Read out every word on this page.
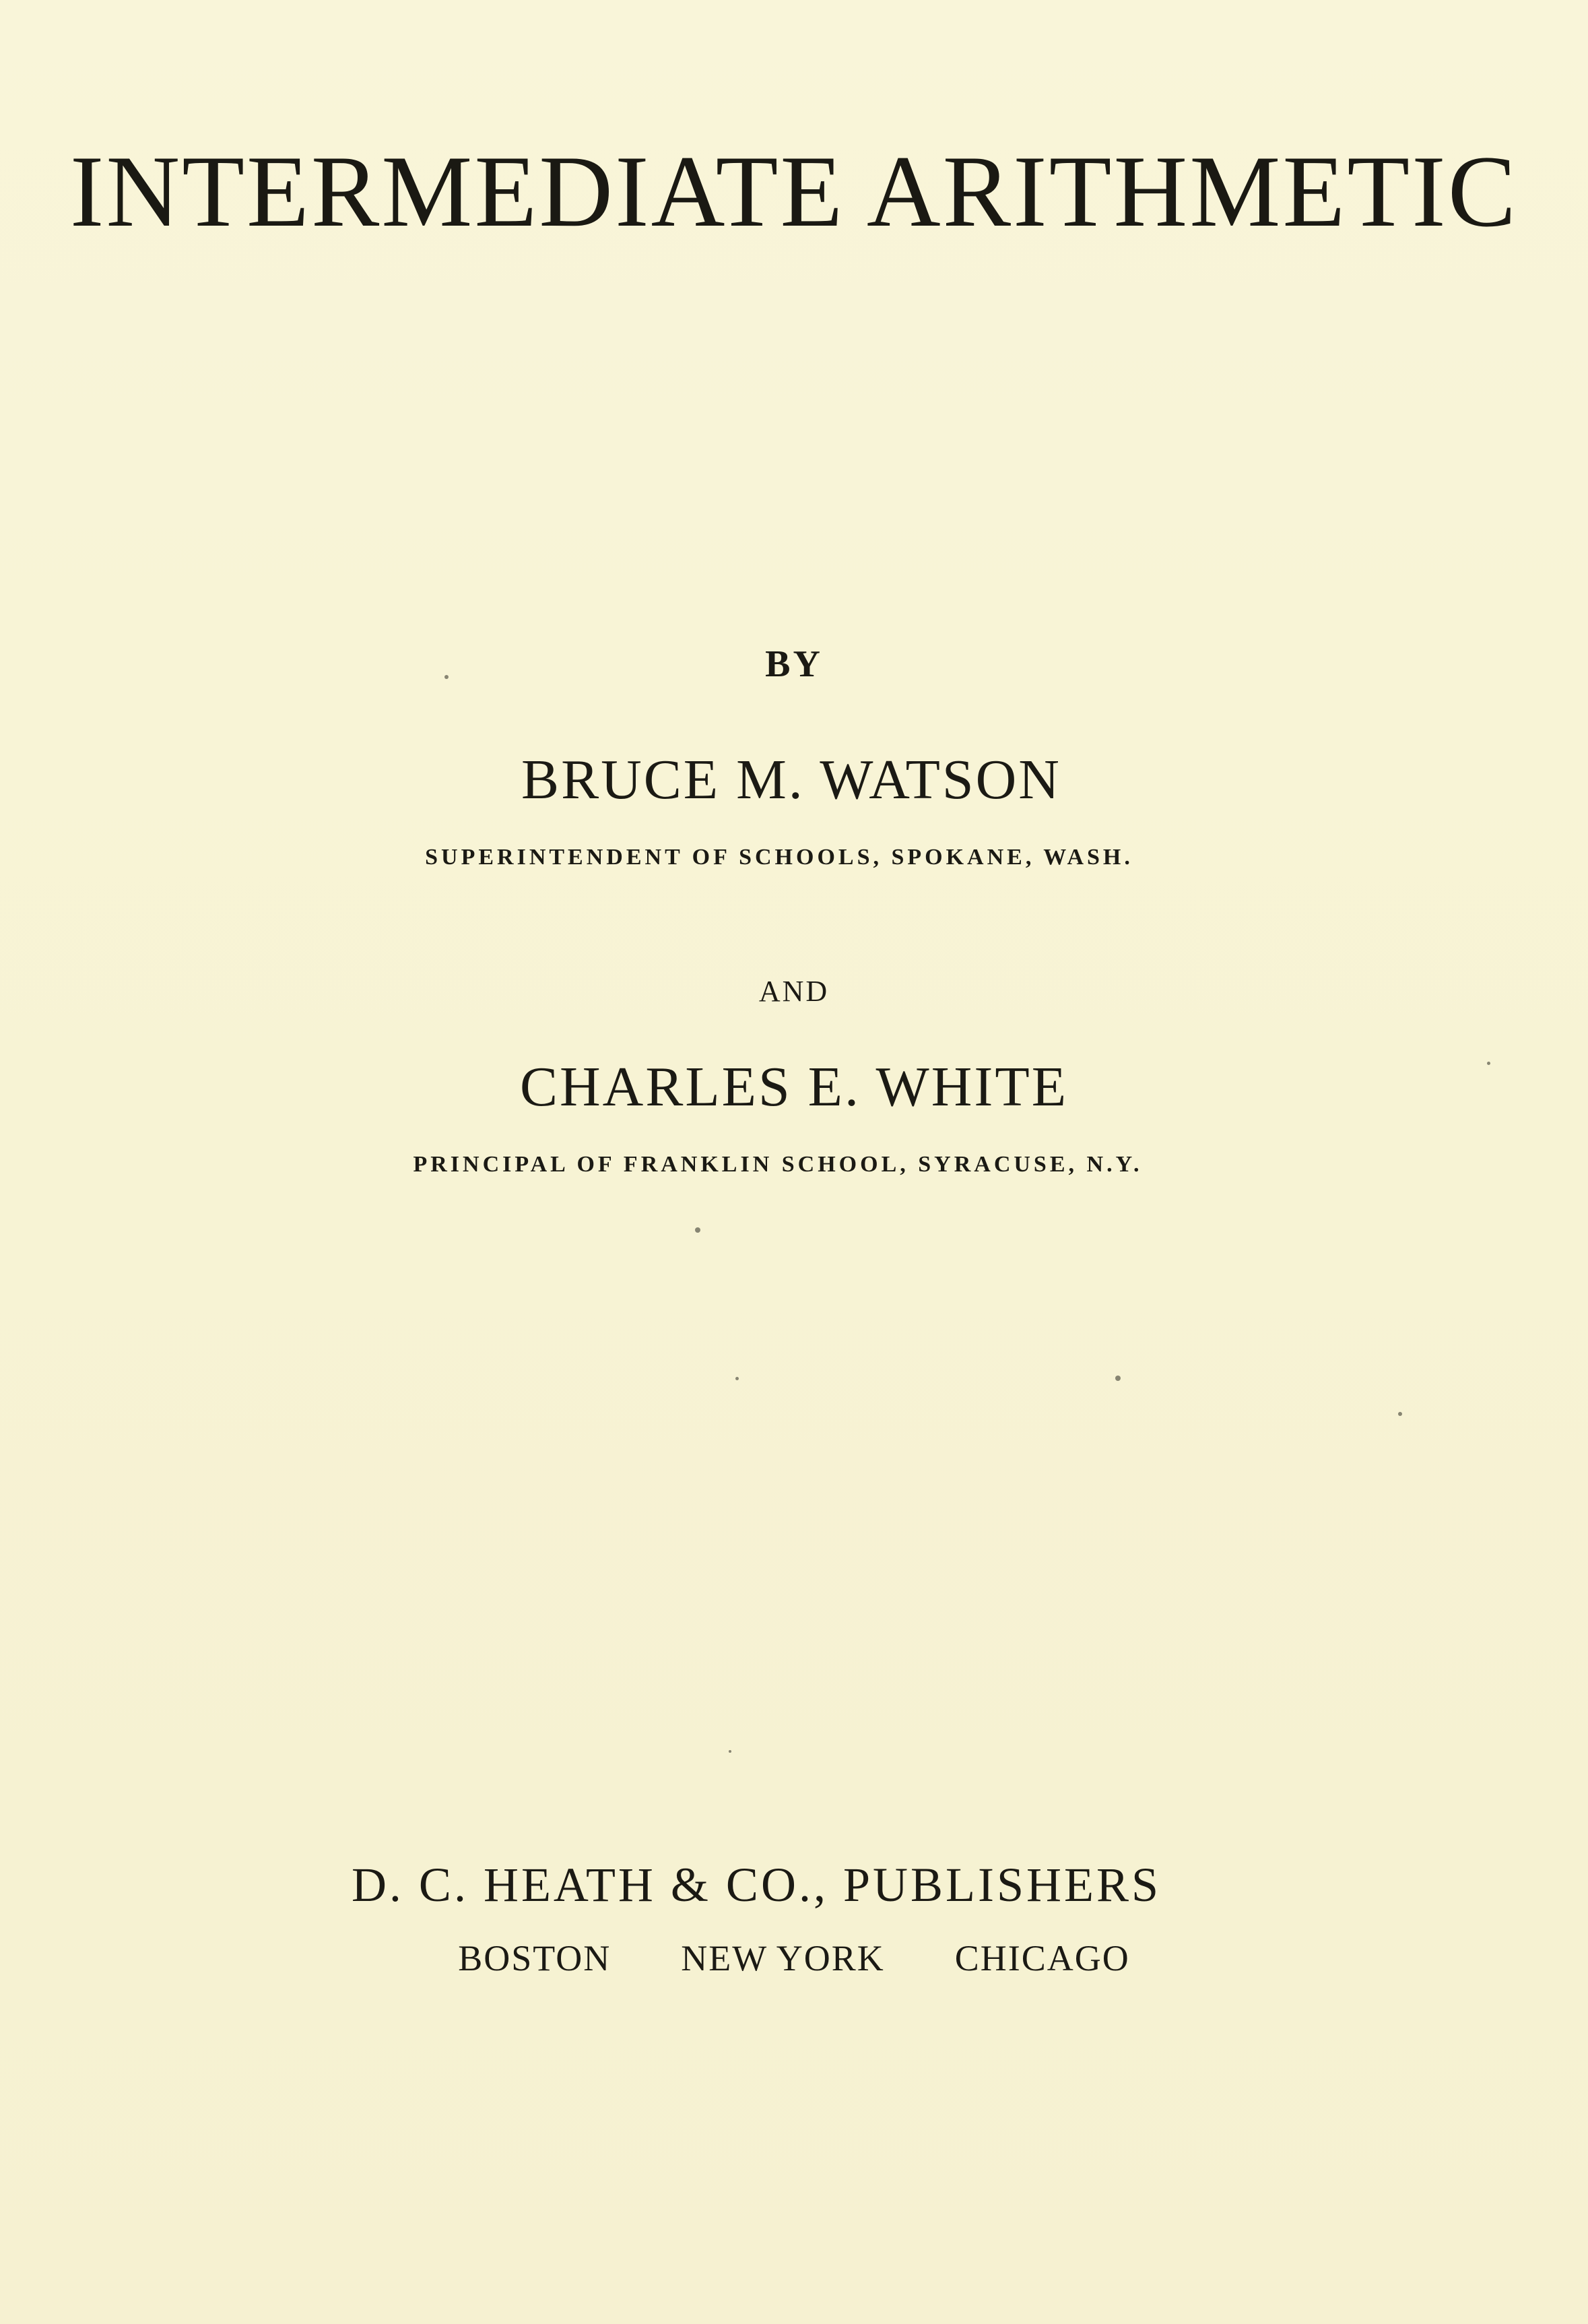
INTERMEDIATE ARITHMETIC
BY
BRUCE M. WATSON
SUPERINTENDENT OF SCHOOLS, SPOKANE, WASH.
AND
CHARLES E. WHITE
PRINCIPAL OF FRANKLIN SCHOOL, SYRACUSE, N.Y.
D. C. HEATH & CO., PUBLISHERS
BOSTON NEW YORK CHICAGO
